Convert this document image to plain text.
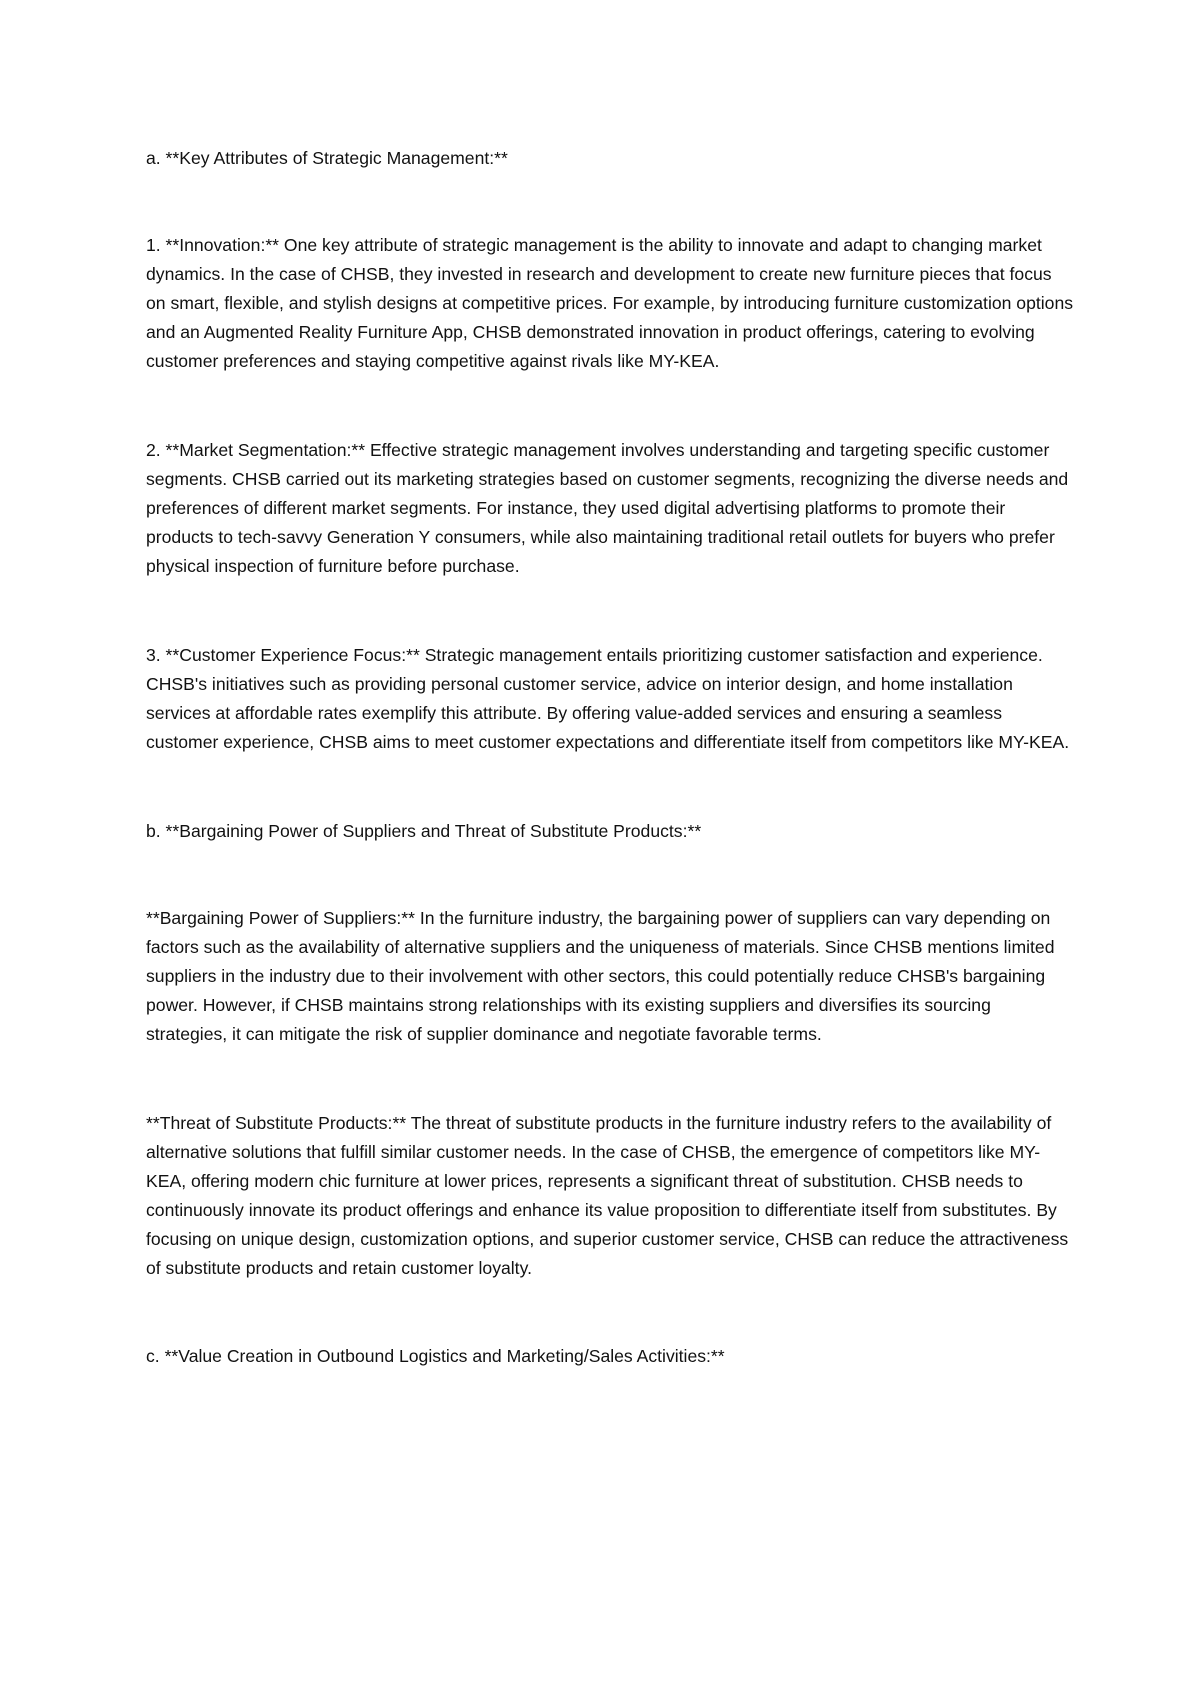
a. **Key Attributes of Strategic Management:**

1. **Innovation:** One key attribute of strategic management is the ability to innovate and adapt to changing market dynamics. In the case of CHSB, they invested in research and development to create new furniture pieces that focus on smart, flexible, and stylish designs at competitive prices. For example, by introducing furniture customization options and an Augmented Reality Furniture App, CHSB demonstrated innovation in product offerings, catering to evolving customer preferences and staying competitive against rivals like MY-KEA.

2. **Market Segmentation:** Effective strategic management involves understanding and targeting specific customer segments. CHSB carried out its marketing strategies based on customer segments, recognizing the diverse needs and preferences of different market segments. For instance, they used digital advertising platforms to promote their products to tech-savvy Generation Y consumers, while also maintaining traditional retail outlets for buyers who prefer physical inspection of furniture before purchase.

3. **Customer Experience Focus:** Strategic management entails prioritizing customer satisfaction and experience. CHSB's initiatives such as providing personal customer service, advice on interior design, and home installation services at affordable rates exemplify this attribute. By offering value-added services and ensuring a seamless customer experience, CHSB aims to meet customer expectations and differentiate itself from competitors like MY-KEA.

b. **Bargaining Power of Suppliers and Threat of Substitute Products:**

**Bargaining Power of Suppliers:** In the furniture industry, the bargaining power of suppliers can vary depending on factors such as the availability of alternative suppliers and the uniqueness of materials. Since CHSB mentions limited suppliers in the industry due to their involvement with other sectors, this could potentially reduce CHSB's bargaining power. However, if CHSB maintains strong relationships with its existing suppliers and diversifies its sourcing strategies, it can mitigate the risk of supplier dominance and negotiate favorable terms.

**Threat of Substitute Products:** The threat of substitute products in the furniture industry refers to the availability of alternative solutions that fulfill similar customer needs. In the case of CHSB, the emergence of competitors like MY-KEA, offering modern chic furniture at lower prices, represents a significant threat of substitution. CHSB needs to continuously innovate its product offerings and enhance its value proposition to differentiate itself from substitutes. By focusing on unique design, customization options, and superior customer service, CHSB can reduce the attractiveness of substitute products and retain customer loyalty.

c. **Value Creation in Outbound Logistics and Marketing/Sales Activities:**
